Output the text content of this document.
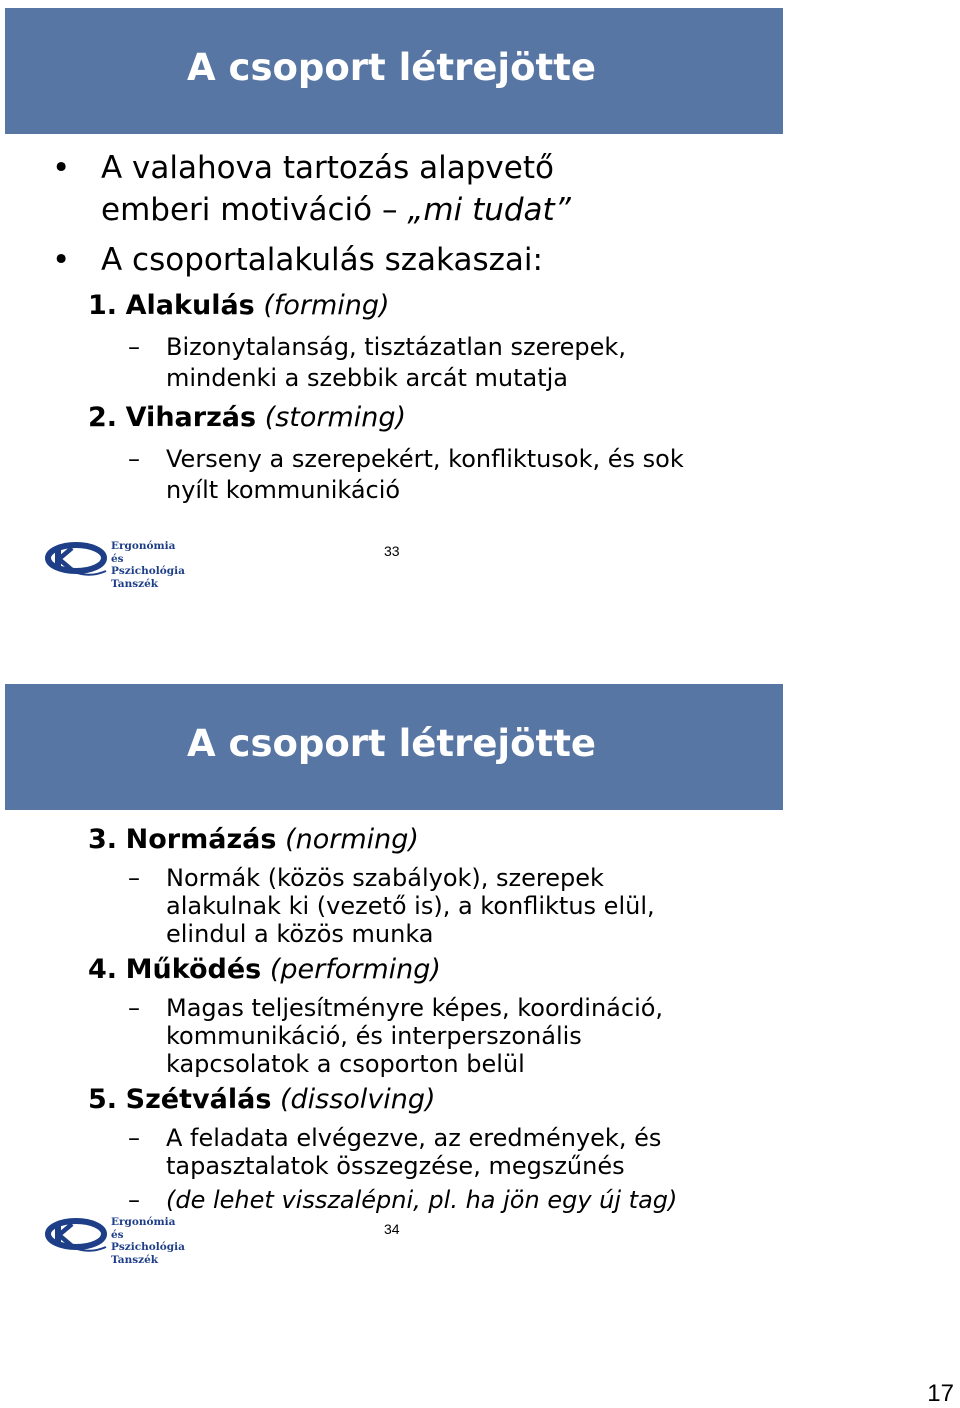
A csoport létrejötte
• A valahova tartozás alapvető
emberi motiváció – „mi tudat”
• A csoportalakulás szakaszai:
1. Alakulás (forming)
– Bizonytalanság, tisztázatlan szerepek,
mindenki a szebbik arcát mutatja
2. Viharzás (storming)
– Verseny a szerepekért, konfliktusok, és sok
nyílt kommunikáció
Ergonómia és
Pszichológia
Tanszék
33
A csoport létrejötte
3. Normázás (norming)
– Normák (közös szabályok), szerepek
alakulnak ki (vezető is), a konfliktus elül,
elindul a közös munka
4. Működés (performing)
– Magas teljesítményre képes, koordináció,
kommunikáció, és interperszonális
kapcsolatok a csoporton belül
5. Szétválás (dissolving)
– A feladata elvégezve, az eredmények, és
tapasztalatok összegzése, megszűnés
– (de lehet visszalépni, pl. ha jön egy új tag)
Ergonómia és
Pszichológia
Tanszék
34
17
